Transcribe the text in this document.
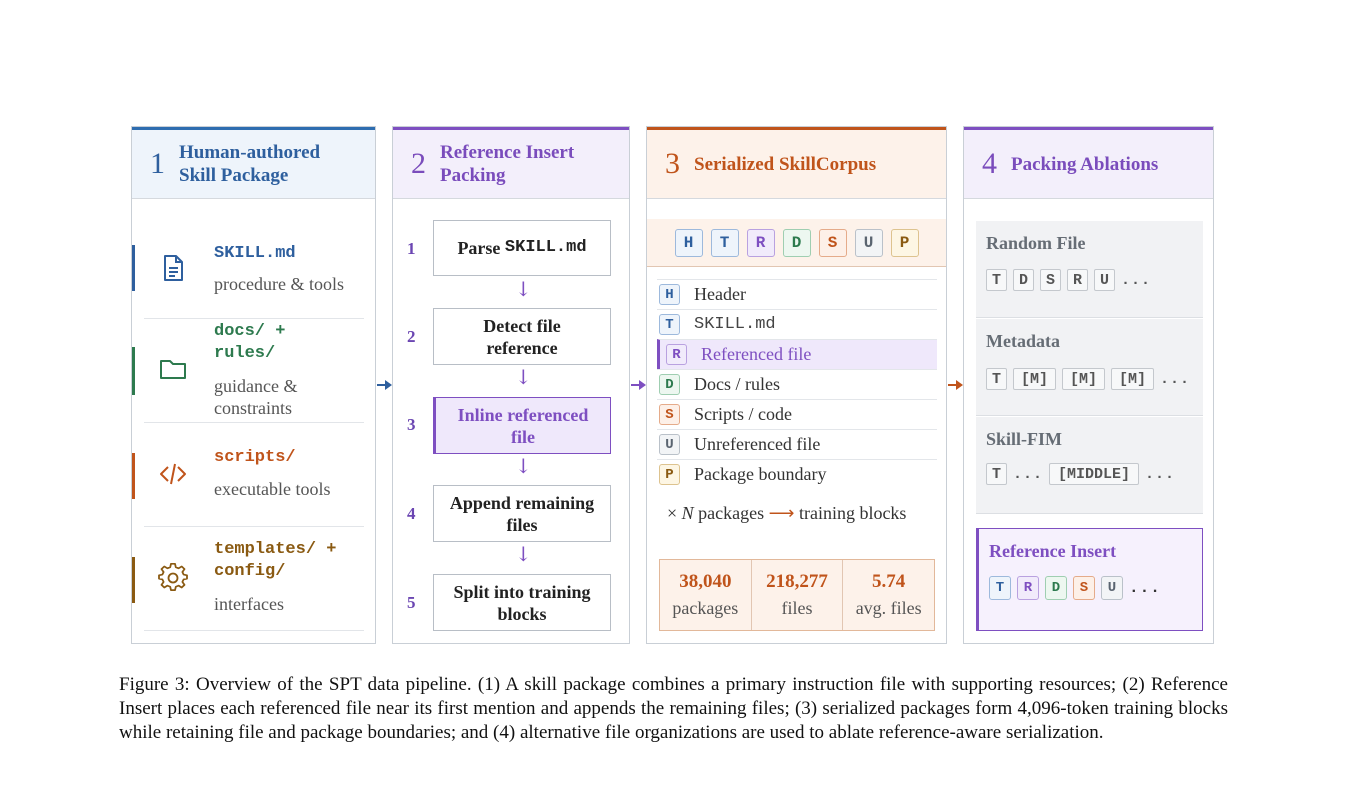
1 Human-authored Skill Package
SKILL.md
procedure & tools
docs/ +
rules/
guidance & constraints
scripts/
executable tools
templates/ +
config/
interfaces
2 Reference Insert Packing
1 Parse SKILL.md
↓
2
Detect file reference
↓
3	Inline referenced file
↓
4
Append remaining files
↓
5
Split into training blocks
3 Serialized SkillCorpus
H	T	R	D	S	U	P
H	Header
T	SKILL.md
R	Referenced file
D	Docs / rules
S	Scripts / code
U	Unreferenced file
P	Package boundary
× N packages ⟶ training blocks
38,040
packages
218,277
files
5.74
avg. files
4 Packing Ablations
Random File
T	D	S	R	U ...
Metadata
T	[M]	[M]	[M] ...
Skill-FIM
T ...	[MIDDLE]	...
Reference Insert
T	R	D	S	U ...
Figure 3: Overview of the SPT data pipeline. (1) A skill package combines a primary instruction file with supporting resources; (2) Reference Insert places each referenced file near its first mention and appends the remaining files; (3) serialized packages form 4,096-token training blocks while retaining file and package boundaries; and (4) alternative file organizations are used to ablate reference-aware serialization.
